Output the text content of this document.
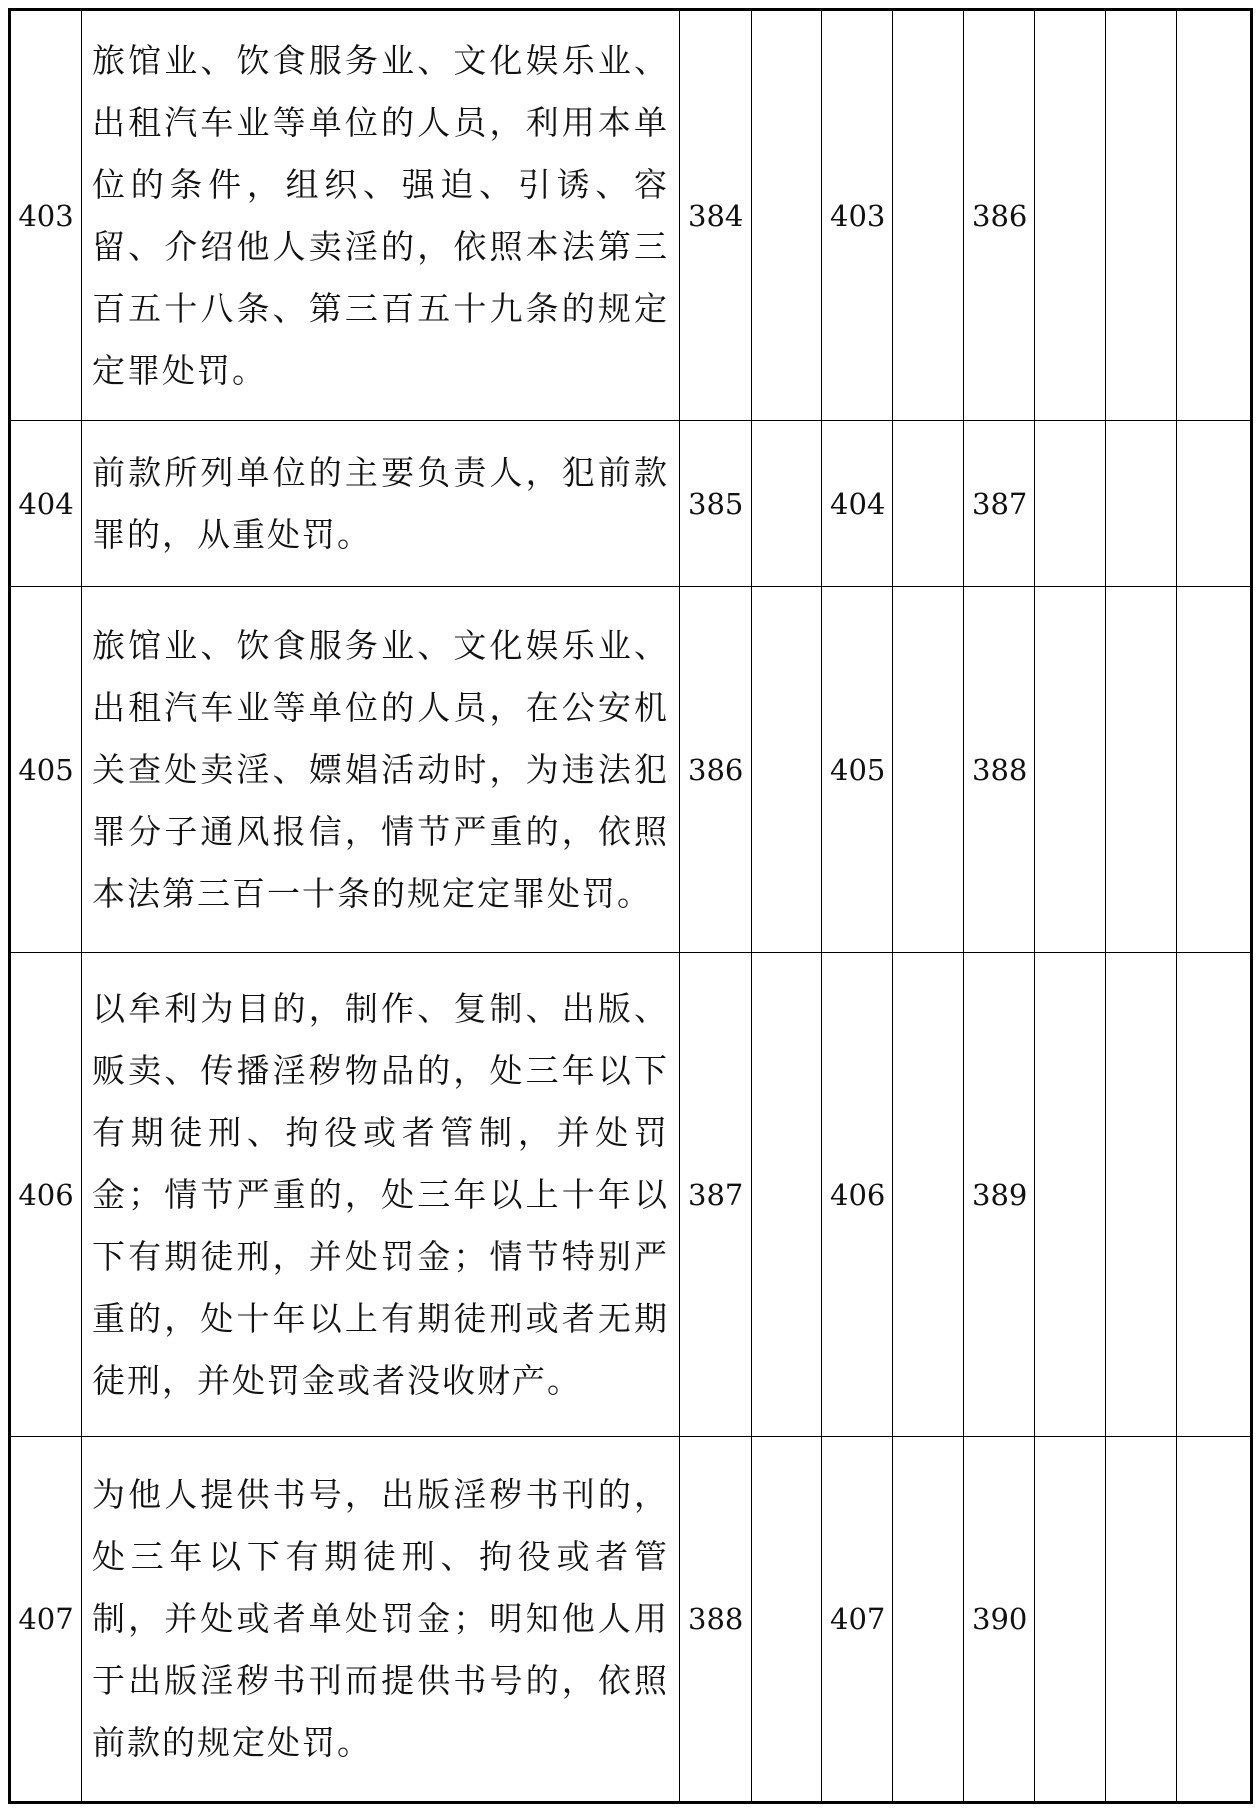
403	旅馆业、饮食服务业、文化娱乐业、出租汽车业等单位的人员，利用本单位的条件，组织、强迫、引诱、容留、介绍他人卖淫的，依照本法第三百五十八条、第三百五十九条的规定定罪处罚。	384		403		386			
404	前款所列单位的主要负责人，犯前款罪的，从重处罚。	385		404		387			
405	旅馆业、饮食服务业、文化娱乐业、出租汽车业等单位的人员，在公安机关查处卖淫、嫖娼活动时，为违法犯罪分子通风报信，情节严重的，依照本法第三百一十条的规定定罪处罚。	386		405		388			
406	以牟利为目的，制作、复制、出版、贩卖、传播淫秽物品的，处三年以下有期徒刑、拘役或者管制，并处罚金；情节严重的，处三年以上十年以下有期徒刑，并处罚金；情节特别严重的，处十年以上有期徒刑或者无期徒刑，并处罚金或者没收财产。	387		406		389			
407	为他人提供书号，出版淫秽书刊的，处三年以下有期徒刑、拘役或者管制，并处或者单处罚金；明知他人用于出版淫秽书刊而提供书号的，依照前款的规定处罚。	388		407		390			
